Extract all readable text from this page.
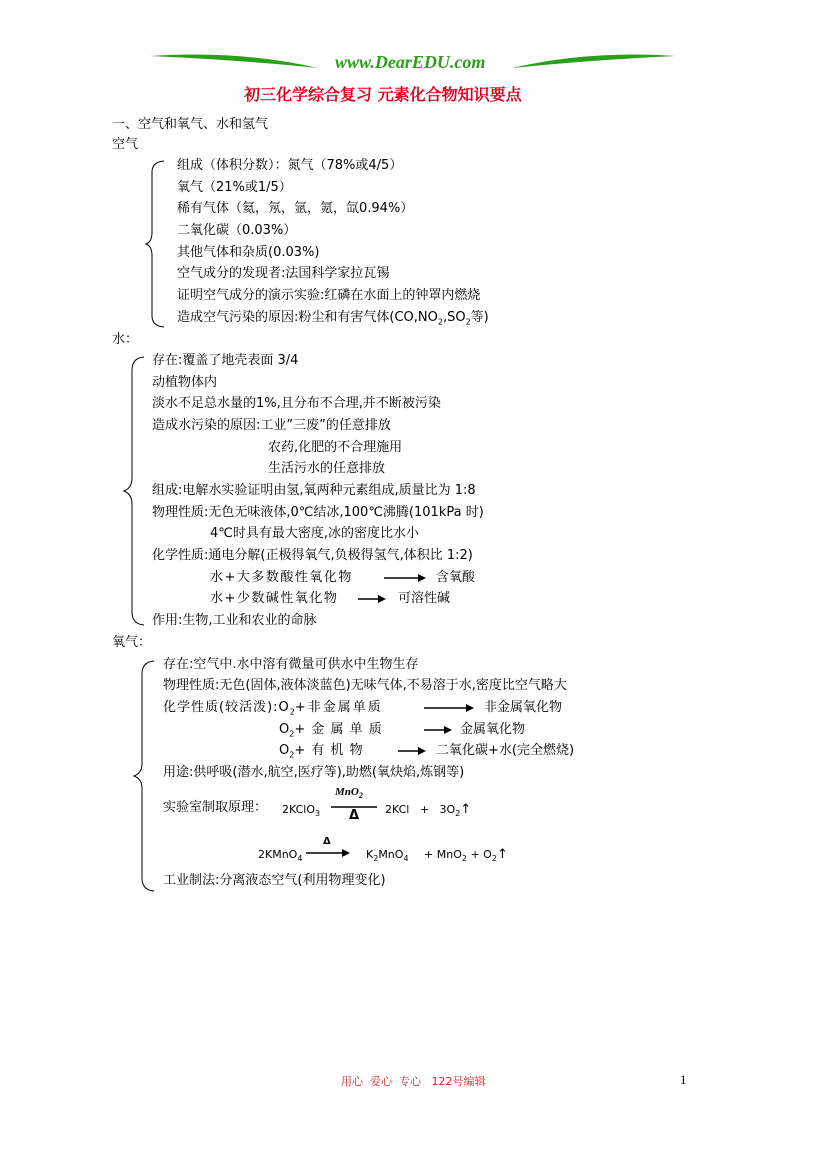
www.DearEDU.com
初三化学综合复习 元素化合物知识要点
一、空气和氧气、水和氢气
空气
组成（体积分数）：氮气（78%或4/5）
氧气（21%或1/5）
稀有气体（氦，氖，氩，氪，氙0.94%）
二氧化碳（0.03%）
其他气体和杂质(0.03%)
空气成分的发现者:法国科学家拉瓦锡
证明空气成分的演示实验:红磷在水面上的钟罩内燃烧
造成空气污染的原因:粉尘和有害气体($CO,NO_2,SO_2$等)
水：
存在:覆盖了地壳表面 3/4
动植物体内
淡水不足总水量的1%,且分布不合理,并不断被污染
造成水污染的原因:工业”三废”的任意排放
农药,化肥的不合理施用
生活污水的任意排放
组成:电解水实验证明由氢,氧两种元素组成,质量比为 1:8
物理性质:无色无味液体,0℃结冰,100℃沸腾(101kPa 时)
4℃时具有最大密度,冰的密度比水小
化学性质:通电分解(正极得氧气,负极得氢气,体积比 1:2)
水+大多数酸性氧化物	含氧酸
水+少数碱性氧化物	可溶性碱
作用:生物,工业和农业的命脉
氧气：
存在:空气中.水中溶有微量可供水中生物生存
物理性质:无色(固体,液体淡蓝色)无味气体,不易溶于水,密度比空气略大
化学性质(较活泼)$:O_2+$非金属单质	非金属氧化物
$O_2+$ 金 属 单 质	金属氧化物
$O_2+$ 有 机 物	二氧化碳+水(完全燃烧)
用途:供呼吸(潜水,航空,医疗等),助燃(氧炔焰,炼钢等)
实验室制取原理： 2KClO$_3$
MnO$_2$
Δ $2KCl + 3O_2↑$
2KMnO$_4$
Δ
$K_2MnO_4 + MnO_2$ + $O_2↑$
工业制法:分离液态空气(利用物理变化)
用心  爱心  专心   122号编辑	1
